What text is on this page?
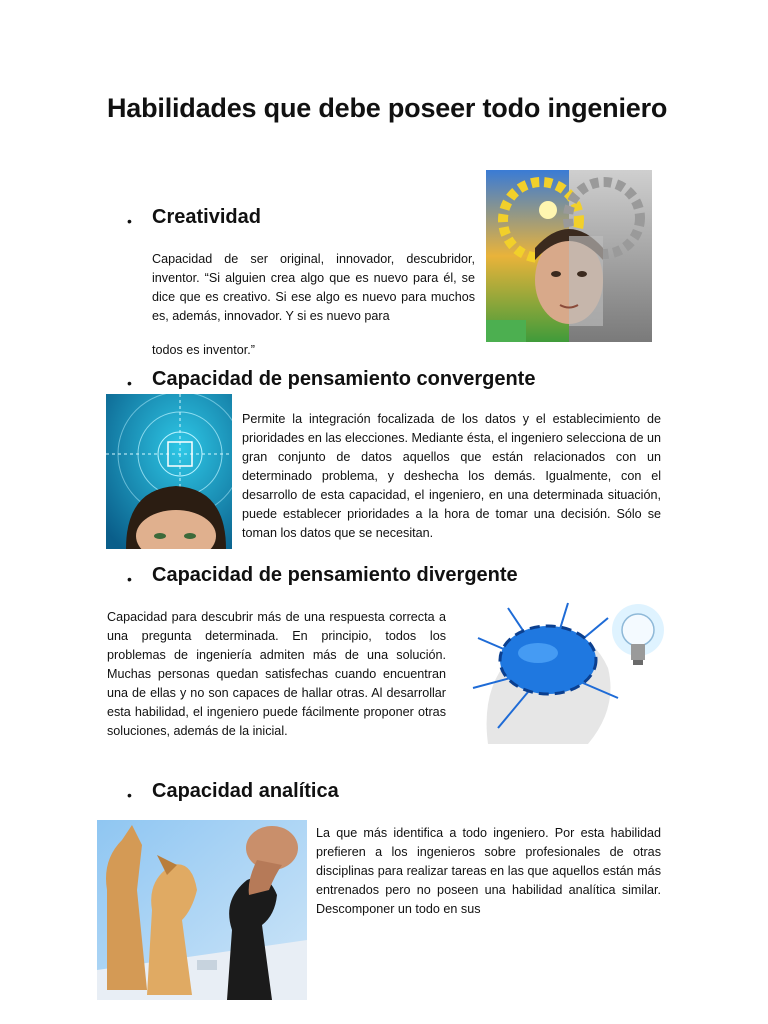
Habilidades que debe poseer todo ingeniero
• Creatividad

Capacidad de ser original, innovador, descubridor, inventor. “Si alguien crea algo que es nuevo para él, se dice que es creativo. Si ese algo es nuevo para muchos es, además, innovador. Y si es nuevo para

todos es inventor.”

• Capacidad de pensamiento convergente

Permite la integración focalizada de los datos y el establecimiento de prioridades en las elecciones. Mediante ésta, el ingeniero selecciona de un gran conjunto de datos aquellos que están relacionados con un determinado problema, y deshecha los demás. Igualmente, con el desarrollo de esta capacidad, el ingeniero, en una determinada situación, puede establecer prioridades a la hora de tomar una decisión. Sólo se toman los datos que se necesitan.

• Capacidad de pensamiento divergente

Capacidad para descubrir más de una respuesta correcta a una pregunta determinada. En principio, todos los problemas de ingeniería admiten más de una solución. Muchas personas quedan satisfechas cuando encuentran una de ellas y no son capaces de hallar otras. Al desarrollar esta habilidad, el ingeniero puede fácilmente proponer otras soluciones, además de la inicial.

• Capacidad analítica

La que más identifica a todo ingeniero. Por esta habilidad prefieren a los ingenieros sobre profesionales de otras disciplinas para realizar tareas en las que aquellos están más entrenados pero no poseen una habilidad analítica similar. Descomponer un todo en sus
